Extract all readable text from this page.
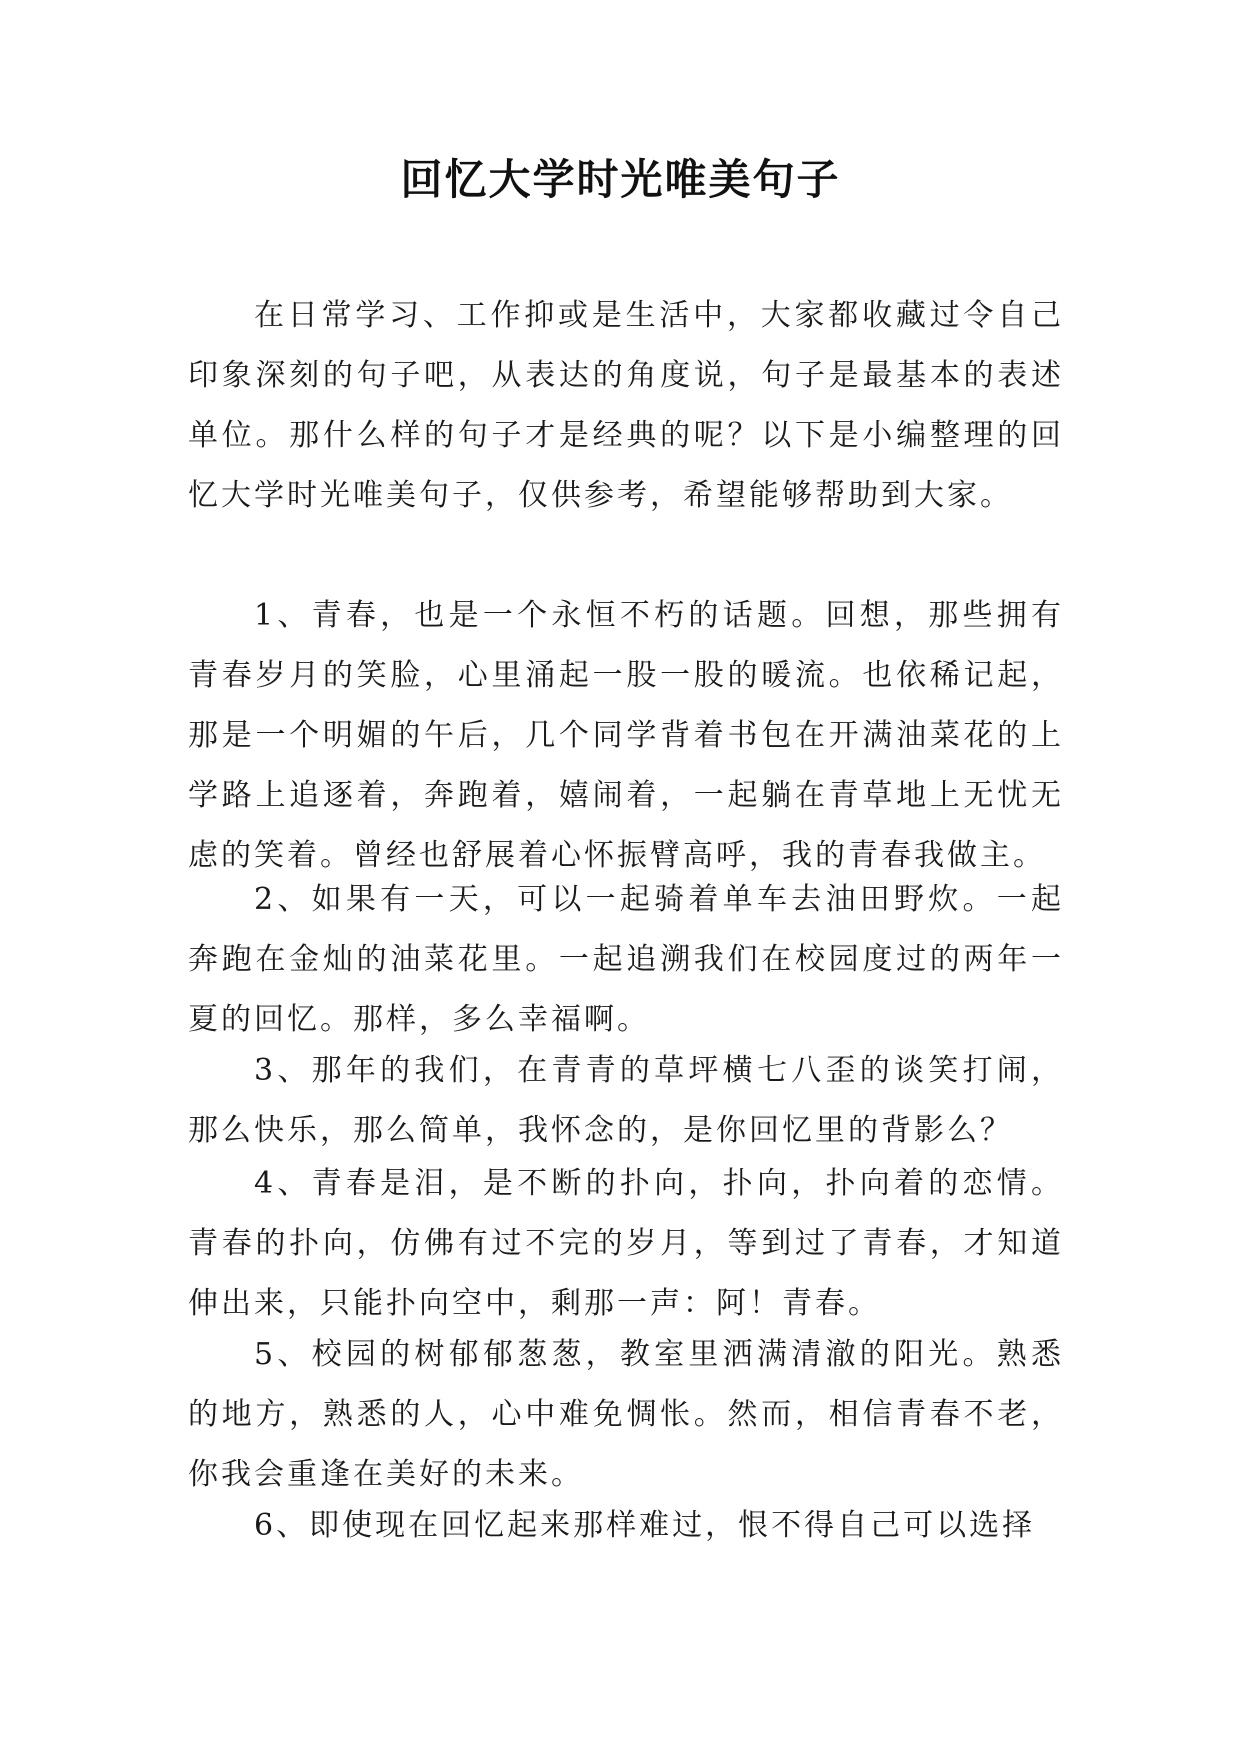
回忆大学时光唯美句子

在日常学习、工作抑或是生活中，大家都收藏过令自己印象深刻的句子吧，从表达的角度说，句子是最基本的表述单位。那什么样的句子才是经典的呢？以下是小编整理的回忆大学时光唯美句子，仅供参考，希望能够帮助到大家。

1、青春，也是一个永恒不朽的话题。回想，那些拥有青春岁月的笑脸，心里涌起一股一股的暖流。也依稀记起，那是一个明媚的午后，几个同学背着书包在开满油菜花的上学路上追逐着，奔跑着，嬉闹着，一起躺在青草地上无忧无虑的笑着。曾经也舒展着心怀振臂高呼，我的青春我做主。

2、如果有一天，可以一起骑着单车去油田野炊。一起奔跑在金灿的油菜花里。一起追溯我们在校园度过的两年一夏的回忆。那样，多么幸福啊。

3、那年的我们，在青青的草坪横七八歪的谈笑打闹，那么快乐，那么简单，我怀念的，是你回忆里的背影么？

4、青春是泪，是不断的扑向，扑向，扑向着的恋情。青春的扑向，仿佛有过不完的岁月，等到过了青春，才知道伸出来，只能扑向空中，剩那一声：阿！青春。

5、校园的树郁郁葱葱，教室里洒满清澈的阳光。熟悉的地方，熟悉的人，心中难免惆怅。然而，相信青春不老，你我会重逢在美好的未来。

6、即使现在回忆起来那样难过，恨不得自己可以选择
